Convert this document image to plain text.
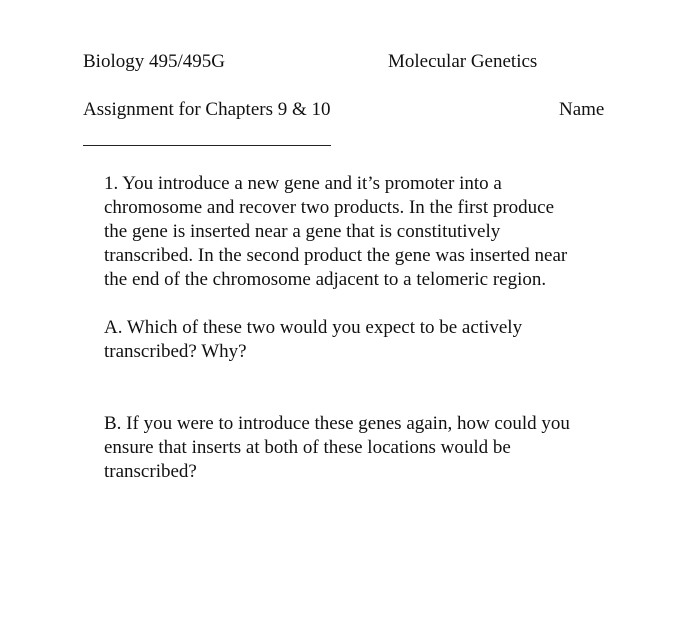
Biology 495/495G	Molecular Genetics
Assignment for Chapters 9 & 10	Name
1. You introduce a new gene and it’s promoter into a
chromosome and recover two products. In the first produce
the gene is inserted near a gene that is constitutively
transcribed. In the second product the gene was inserted near
the end of the chromosome adjacent to a telomeric region.
A. Which of these two would you expect to be actively
transcribed? Why?
B. If you were to introduce these genes again, how could you
ensure that inserts at both of these locations would be
transcribed?
